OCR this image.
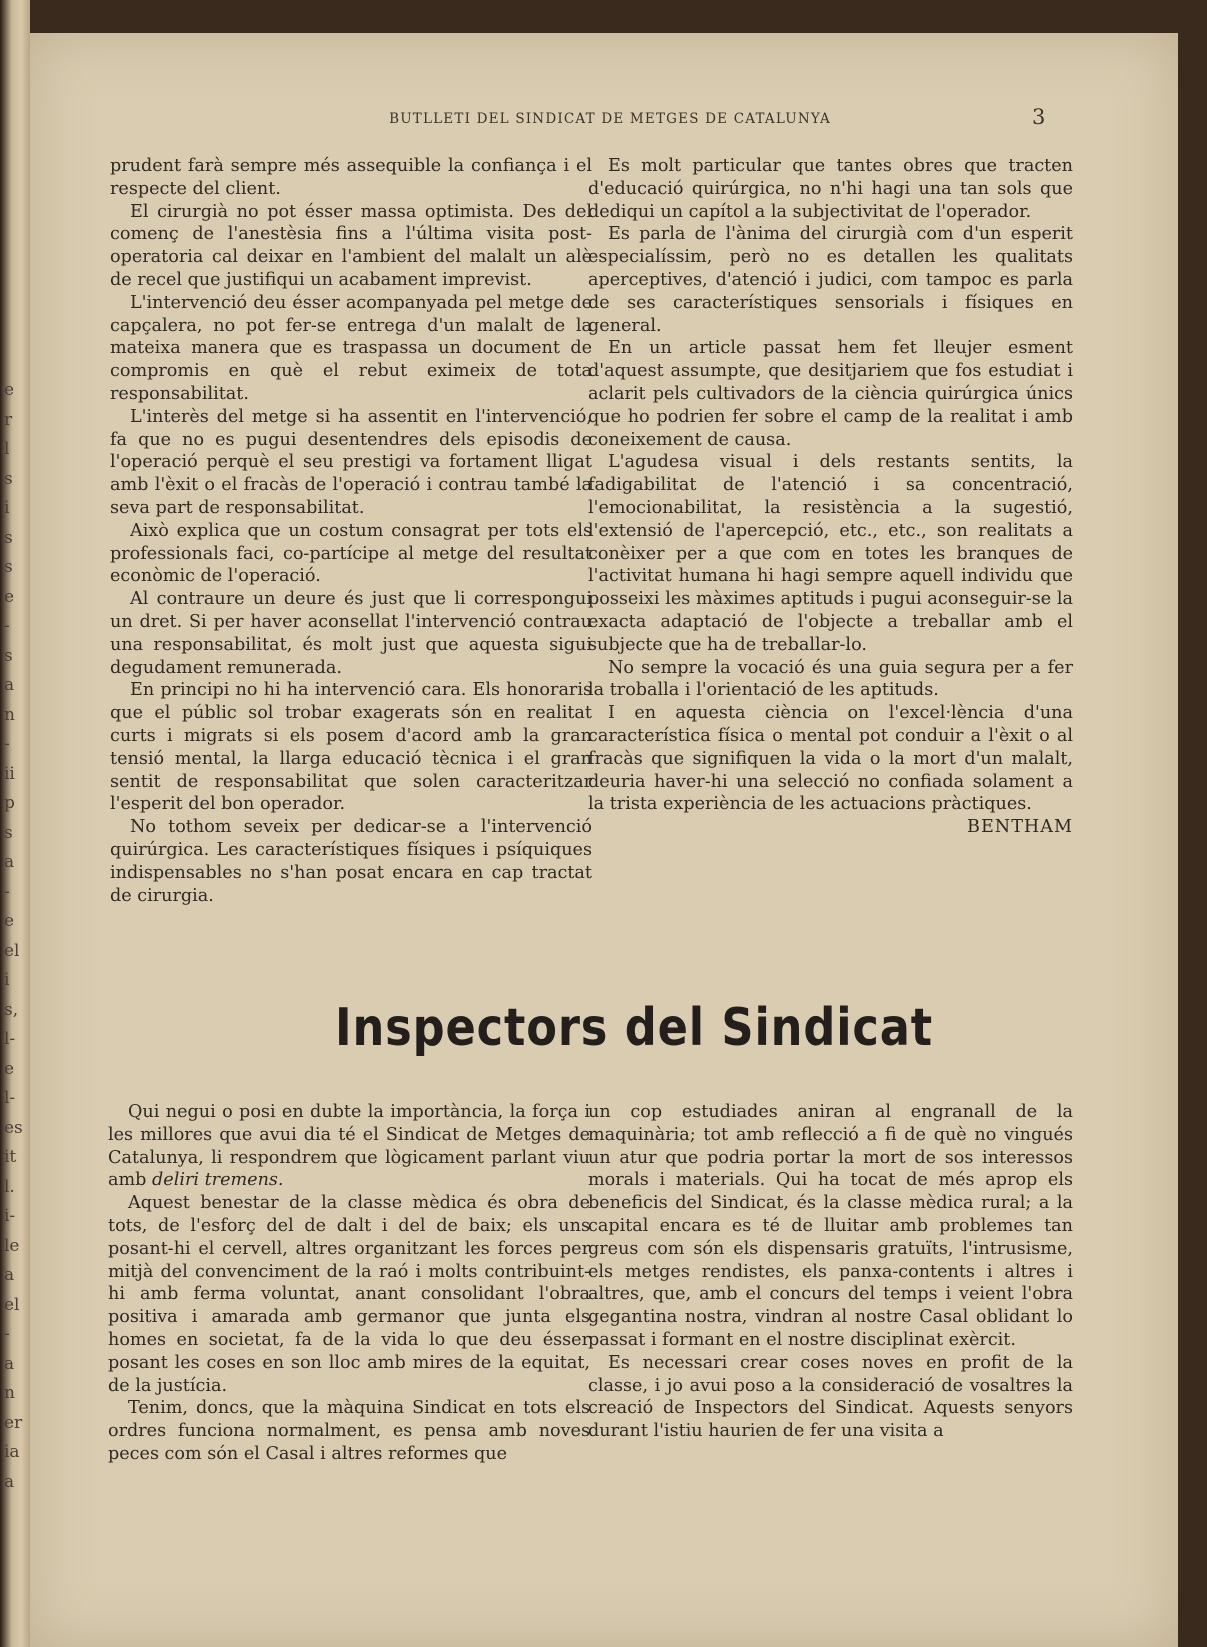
e
r
l
s
i
s
s
e
-
s
a
n
-
ii
p
s
a
-
e
el
i
s,
l-
e
l-
es
it
l.
i-
le
a
el
-
a
n
er
ia
a
BUTLLETI DEL SINDICAT DE METGES DE CATALUNYA	3

prudent farà sempre més assequible la confiança i el respecte del client.

El cirurgià no pot ésser massa optimista. Des del començ de l'anestèsia fins a l'última visita post-operatoria cal deixar en l'ambient del malalt un alè de recel que justifiqui un acabament imprevist.

L'intervenció deu ésser acompanyada pel metge de capçalera, no pot fer-se entrega d'un malalt de la mateixa manera que es traspassa un document de compromis en què el rebut eximeix de tota responsabilitat.

L'interès del metge si ha assentit en l'intervenció, fa que no es pugui desentendres dels episodis de l'operació perquè el seu prestigi va fortament lligat amb l'èxit o el fracàs de l'operació i contrau també la seva part de responsabilitat.

Això explica que un costum consagrat per tots els professionals faci, co-partícipe al metge del resultat econòmic de l'operació.

Al contraure un deure és just que li correspongui un dret. Si per haver aconsellat l'intervenció contrau una responsabilitat, és molt just que aquesta sigui degudament remunerada.

En principi no hi ha intervenció cara. Els honoraris que el públic sol trobar exagerats són en realitat curts i migrats si els posem d'acord amb la gran tensió mental, la llarga educació tècnica i el gran sentit de responsabilitat que solen caracteritzar l'esperit del bon operador.

No tothom seveix per dedicar-se a l'intervenció quirúrgica. Les característiques físiques i psíquiques indispensables no s'han posat encara en cap tractat de cirurgia.

Es molt particular que tantes obres que tracten d'educació quirúrgica, no n'hi hagi una tan sols que dediqui un capítol a la subjectivitat de l'operador.

Es parla de l'ànima del cirurgià com d'un esperit especialíssim, però no es detallen les qualitats aperceptives, d'atenció i judici, com tampoc es parla de ses característiques sensorials i físiques en general.

En un article passat hem fet lleujer esment d'aquest assumpte, que desitjariem que fos estudiat i aclarit pels cultivadors de la ciència quirúrgica únics que ho podrien fer sobre el camp de la realitat i amb coneixement de causa.

L'agudesa visual i dels restants sentits, la fadigabilitat de l'atenció i sa concentració, l'emocionabilitat, la resistència a la sugestió, l'extensió de l'apercepció, etc., etc., son realitats a conèixer per a que com en totes les branques de l'activitat humana hi hagi sempre aquell individu que posseixi les màximes aptituds i pugui aconseguir-se la exacta adaptació de l'objecte a treballar amb el subjecte que ha de treballar-lo.

No sempre la vocació és una guia segura per a fer la troballa i l'orientació de les aptituds.

I en aquesta ciència on l'excel·lència d'una característica física o mental pot conduir a l'èxit o al fracàs que signifiquen la vida o la mort d'un malalt, deuria haver-hi una selecció no confiada solament a la trista experiència de les actuacions pràctiques.

BENTHAM

Inspectors del Sindicat

Qui negui o posi en dubte la importància, la força i les millores que avui dia té el Sindicat de Metges de Catalunya, li respondrem que lògicament parlant viu amb deliri tremens.

Aquest benestar de la classe mèdica és obra de tots, de l'esforç del de dalt i del de baix; els uns posant-hi el cervell, altres organitzant les forces per mitjà del convenciment de la raó i molts contribuint-hi amb ferma voluntat, anant consolidant l'obra positiva i amarada amb germanor que junta els homes en societat, fa de la vida lo que deu ésser posant les coses en son lloc amb mires de la equitat, de la justícia.

Tenim, doncs, que la màquina Sindicat en tots els ordres funciona normalment, es pensa amb noves peces com són el Casal i altres reformes que

un cop estudiades aniran al engranall de la maquinària; tot amb reflecció a fi de què no vingués un atur que podria portar la mort de sos interessos morals i materials. Qui ha tocat de més aprop els beneficis del Sindicat, és la classe mèdica rural; a la capital encara es té de lluitar amb problemes tan greus com són els dispensaris gratuïts, l'intrusisme, els metges rendistes, els panxa-contents i altres i altres, que, amb el concurs del temps i veient l'obra gegantina nostra, vindran al nostre Casal oblidant lo passat i formant en el nostre disciplinat exèrcit.

Es necessari crear coses noves en profit de la classe, i jo avui poso a la consideració de vosaltres la creació de Inspectors del Sindicat. Aquests senyors durant l'istiu haurien de fer una visita a
